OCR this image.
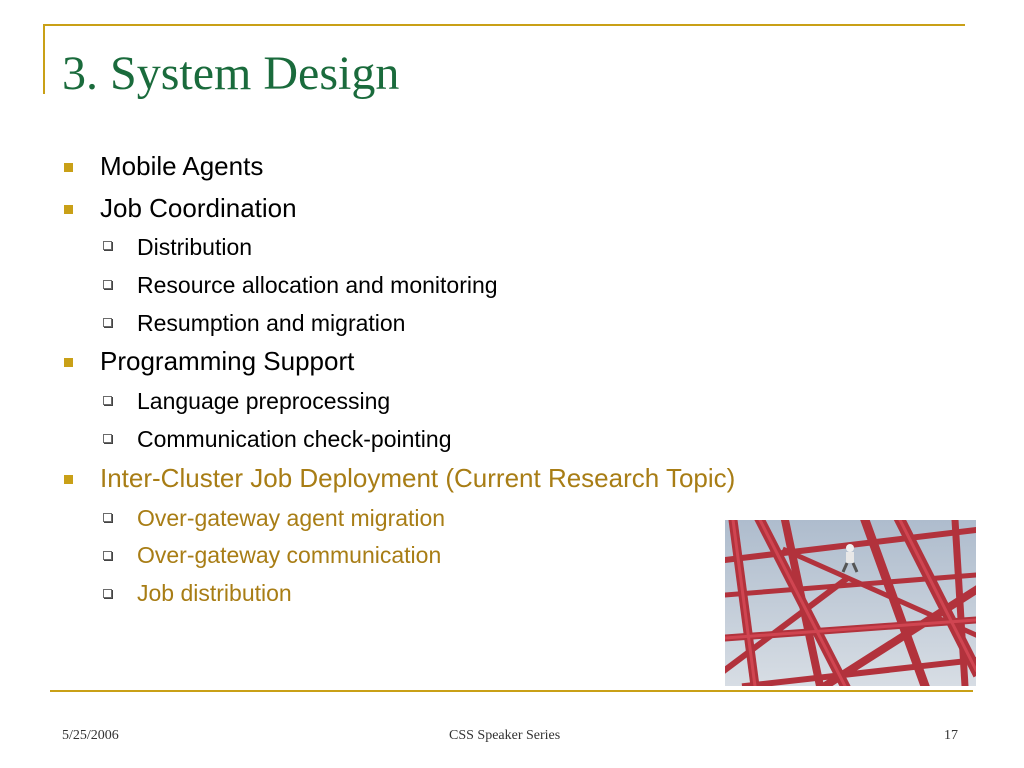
3. System Design
Mobile Agents
Job Coordination
Distribution
Resource allocation and monitoring
Resumption and migration
Programming Support
Language preprocessing
Communication check-pointing
Inter-Cluster Job Deployment (Current Research Topic)
Over-gateway agent migration
Over-gateway communication
Job distribution
5/25/2006	CSS Speaker Series	17
